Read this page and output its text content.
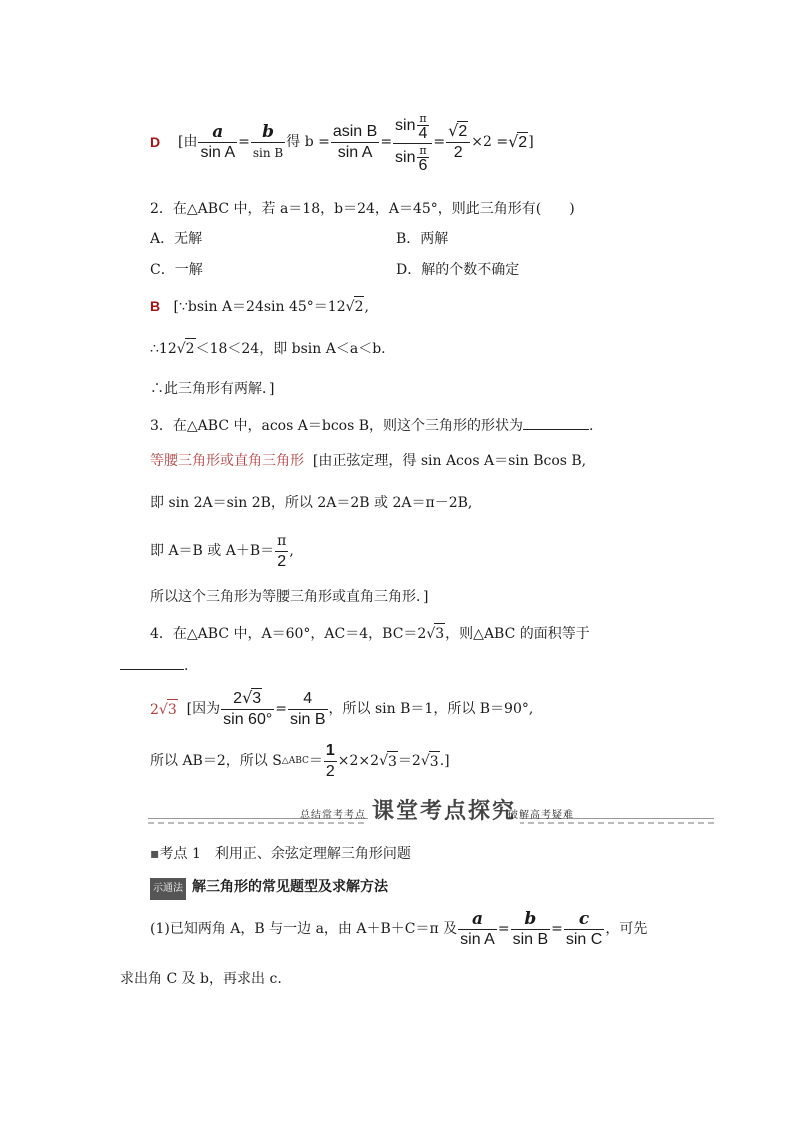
D [由 $\frac{a}{\text{sin A}} = \frac{b}{\text{sin B}}$ 得 $b = \frac{\text{asin B}}{\text{sin A}} = \frac{\sin \frac{\pi}{4}}{\sin \frac{\pi}{6}} = \frac{√2}{2} \times 2 = √2$ ]
2．在△ABC 中，若 a＝18，b＝24，A＝45°，则此三角形有(　　)
A．无解	B．两解
C．一解	D．解的个数不确定
B [∵bsin A＝24sin 45°＝12√2,
∴12√2＜18＜24，即 bsin A＜a＜b.
∴此三角形有两解．]
3．在△ABC 中，acos A＝bcos B，则这个三角形的形状为	.
等腰三角形或直角三角形 [由正弦定理，得 sin Acos A＝sin Bcos B,
即 sin 2A＝sin 2B，所以 2A＝2B 或 2A＝π－2B,
即 A＝B 或 $A+B= \frac{\pi}{2}$ ,
所以这个三角形为等腰三角形或直角三角形．]
4．在△ABC 中，A＝60°，AC＝4，BC＝2√3，则△ABC 的面积等于
.
2√3
[因为 $\frac{2√3}{\sin 60^\circ} = \frac{4}{\text{sin B}}$ ，所以 sin B＝1，所以 B＝90°,
所以 AB＝2，所以 S △ABC ＝ $\frac{1}{2} \times 2\times 2$ √ 3 ＝2 √ 3 .]
总结常考考点 课堂考点探究
破解高考疑难
▪考点 1　利用正、余弦定理解三角形问题
示通法 解三角形的常见题型及求解方法
(1)已知两角 A，B 与一边 a，由 A＋B＋C＝π 及 $\frac{a}{\text{sin A}} = \frac{b}{\text{sin B}} = \frac{c}{\text{sin C}}$ ，可先
求出角 C 及 b，再求出 c.
